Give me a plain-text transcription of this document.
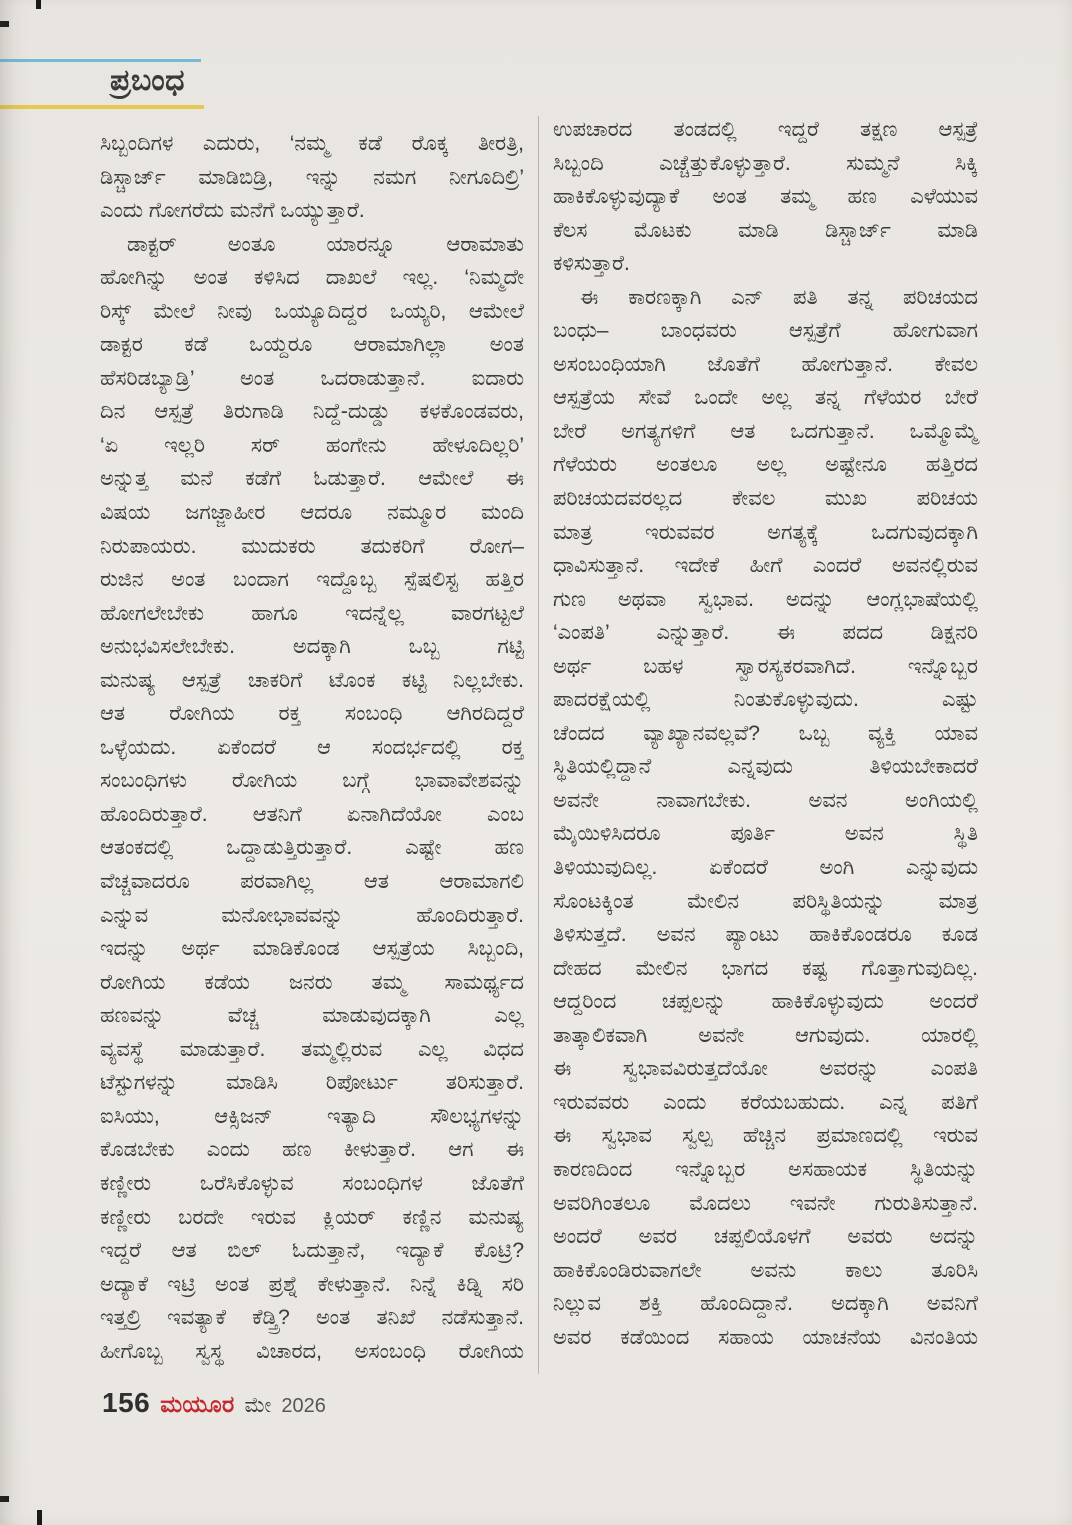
ಪ್ರಬಂಧ
ಸಿಬ್ಬಂದಿಗಳ ಎದುರು, ‘ನಮ್ಮ ಕಡೆ ರೊಕ್ಕ ತೀರತ್ರಿ,
ಡಿಸ್ಚಾರ್ಜ್ ಮಾಡಿಬಿಡ್ರಿ, ಇನ್ನು ನಮಗ ನೀಗೂದಿಲ್ರಿ’
ಎಂದು ಗೋಗರೆದು ಮನೆಗೆ ಒಯ್ಯುತ್ತಾರೆ.
ಡಾಕ್ಟರ್ ಅಂತೂ ಯಾರನ್ನೂ ಆರಾಮಾತು
ಹೋಗಿನ್ನು ಅಂತ ಕಳಿಸಿದ ದಾಖಲೆ ಇಲ್ಲ. ‘ನಿಮ್ಮದೇ
ರಿಸ್ಕ್ ಮೇಲೆ ನೀವು ಒಯ್ಯೂದಿದ್ದರ ಒಯ್ಯರಿ, ಆಮೇಲೆ
ಡಾಕ್ಟರ ಕಡೆ ಒಯ್ದರೂ ಆರಾಮಾಗಿಲ್ಲಾ ಅಂತ
ಹೆಸರಿಡಬ್ಯಾಡ್ರಿ’ ಅಂತ ಒದರಾಡುತ್ತಾನೆ. ಐದಾರು
ದಿನ ಆಸ್ಪತ್ರೆ ತಿರುಗಾಡಿ ನಿದ್ದೆ-ದುಡ್ಡು ಕಳಕೊಂಡವರು,
‘ಏ ಇಲ್ಲರಿ ಸರ್ ಹಂಗೇನು ಹೇಳೂದಿಲ್ಲರಿ’
ಅನ್ನುತ್ತ ಮನೆ ಕಡೆಗೆ ಓಡುತ್ತಾರೆ. ಆಮೇಲೆ ಈ
ವಿಷಯ ಜಗಜ್ಜಾಹೀರ ಆದರೂ ನಮ್ಮೂರ ಮಂದಿ
ನಿರುಪಾಯರು. ಮುದುಕರು ತದುಕರಿಗೆ ರೋಗ–
ರುಜಿನ ಅಂತ ಬಂದಾಗ ಇದ್ದೊಬ್ಬ ಸ್ಪೆಷಲಿಸ್ಟ ಹತ್ತಿರ
ಹೋಗಲೇಬೇಕು ಹಾಗೂ ಇದನ್ನೆಲ್ಲ ವಾರಗಟ್ಟಲೆ
ಅನುಭವಿಸಲೇಬೇಕು. ಅದಕ್ಕಾಗಿ ಒಬ್ಬ ಗಟ್ಟಿ
ಮನುಷ್ಯ ಆಸ್ಪತ್ರೆ ಚಾಕರಿಗೆ ಟೊಂಕ ಕಟ್ಟಿ ನಿಲ್ಲಬೇಕು.
ಆತ ರೋಗಿಯ ರಕ್ತ ಸಂಬಂಧಿ ಆಗಿರದಿದ್ದರೆ
ಒಳ್ಳೆಯದು. ಏಕೆಂದರೆ ಆ ಸಂದರ್ಭದಲ್ಲಿ ರಕ್ತ
ಸಂಬಂಧಿಗಳು ರೋಗಿಯ ಬಗ್ಗೆ ಭಾವಾವೇಶವನ್ನು
ಹೊಂದಿರುತ್ತಾರೆ. ಆತನಿಗೆ ಏನಾಗಿದೆಯೋ ಎಂಬ
ಆತಂಕದಲ್ಲಿ ಒದ್ದಾಡುತ್ತಿರುತ್ತಾರೆ. ಎಷ್ಟೇ ಹಣ
ವೆಚ್ಚವಾದರೂ ಪರವಾಗಿಲ್ಲ ಆತ ಆರಾಮಾಗಲಿ
ಎನ್ನುವ ಮನೋಭಾವವನ್ನು ಹೊಂದಿರುತ್ತಾರೆ.
ಇದನ್ನು ಅರ್ಥ ಮಾಡಿಕೊಂಡ ಆಸ್ಪತ್ರೆಯ ಸಿಬ್ಬಂದಿ,
ರೋಗಿಯ ಕಡೆಯ ಜನರು ತಮ್ಮ ಸಾಮರ್ಥ್ಯದ
ಹಣವನ್ನು ವೆಚ್ಚ ಮಾಡುವುದಕ್ಕಾಗಿ ಎಲ್ಲ
ವ್ಯವಸ್ಥೆ ಮಾಡುತ್ತಾರೆ. ತಮ್ಮಲ್ಲಿರುವ ಎಲ್ಲ ವಿಧದ
ಟೆಸ್ಟುಗಳನ್ನು ಮಾಡಿಸಿ ರಿಪೋರ್ಟು ತರಿಸುತ್ತಾರೆ.
ಐಸಿಯು, ಆಕ್ಸಿಜನ್ ಇತ್ಯಾದಿ ಸೌಲಭ್ಯಗಳನ್ನು
ಕೊಡಬೇಕು ಎಂದು ಹಣ ಕೀಳುತ್ತಾರೆ. ಆಗ ಈ
ಕಣ್ಣೀರು ಒರೆಸಿಕೊಳ್ಳುವ ಸಂಬಂಧಿಗಳ ಜೊತೆಗೆ
ಕಣ್ಣೀರು ಬರದೇ ಇರುವ ಕ್ಲಿಯರ್ ಕಣ್ಣಿನ ಮನುಷ್ಯ
ಇದ್ದರೆ ಆತ ಬಿಲ್ ಓದುತ್ತಾನೆ, ಇದ್ಯಾಕೆ ಕೊಟ್ರಿ?
ಅದ್ಯಾಕೆ ಇಟ್ರಿ ಅಂತ ಪ್ರಶ್ನೆ ಕೇಳುತ್ತಾನೆ. ನಿನ್ನೆ ಕಿಡ್ನಿ ಸರಿ
ಇತ್ತಲ್ರಿ ಇವತ್ಯಾಕೆ ಕೆಡ್ತ್ರಿ? ಅಂತ ತನಿಖೆ ನಡೆಸುತ್ತಾನೆ.
ಹೀಗೊಬ್ಬ ಸ್ವಸ್ಥ ವಿಚಾರದ, ಅಸಂಬಂಧಿ ರೋಗಿಯ
ಉಪಚಾರದ ತಂಡದಲ್ಲಿ ಇದ್ದರೆ ತಕ್ಷಣ ಆಸ್ಪತ್ರೆ
ಸಿಬ್ಬಂದಿ ಎಚ್ಚೆತ್ತುಕೊಳ್ಳುತ್ತಾರೆ. ಸುಮ್ಮನೆ ಸಿಕ್ಕಿ
ಹಾಕಿಕೊಳ್ಳುವುದ್ಯಾಕೆ ಅಂತ ತಮ್ಮ ಹಣ ಎಳೆಯುವ
ಕೆಲಸ ಮೊಟಕು ಮಾಡಿ ಡಿಸ್ಚಾರ್ಜ್ ಮಾಡಿ
ಕಳಿಸುತ್ತಾರೆ.
ಈ ಕಾರಣಕ್ಕಾಗಿ ಎನ್ ಪತಿ ತನ್ನ ಪರಿಚಯದ
ಬಂಧು– ಬಾಂಧವರು ಆಸ್ಪತ್ರೆಗೆ ಹೋಗುವಾಗ
ಅಸಂಬಂಧಿಯಾಗಿ ಜೊತೆಗೆ ಹೋಗುತ್ತಾನೆ. ಕೇವಲ
ಆಸ್ಪತ್ರೆಯ ಸೇವೆ ಒಂದೇ ಅಲ್ಲ ತನ್ನ ಗೆಳೆಯರ ಬೇರೆ
ಬೇರೆ ಅಗತ್ಯಗಳಿಗೆ ಆತ ಒದಗುತ್ತಾನೆ. ಒಮ್ಮೊಮ್ಮೆ
ಗೆಳೆಯರು ಅಂತಲೂ ಅಲ್ಲ ಅಷ್ಟೇನೂ ಹತ್ತಿರದ
ಪರಿಚಯದವರಲ್ಲದ ಕೇವಲ ಮುಖ ಪರಿಚಯ
ಮಾತ್ರ ಇರುವವರ ಅಗತ್ಯಕ್ಕೆ ಒದಗುವುದಕ್ಕಾಗಿ
ಧಾವಿಸುತ್ತಾನೆ. ಇದೇಕೆ ಹೀಗೆ ಎಂದರೆ ಅವನಲ್ಲಿರುವ
ಗುಣ ಅಥವಾ ಸ್ವಭಾವ. ಅದನ್ನು ಆಂಗ್ಲಭಾಷೆಯಲ್ಲಿ
‘ಎಂಪತಿ’ ಎನ್ನುತ್ತಾರೆ. ಈ ಪದದ ಡಿಕ್ಷನರಿ
ಅರ್ಥ ಬಹಳ ಸ್ವಾರಸ್ಯಕರವಾಗಿದೆ. ಇನ್ನೊಬ್ಬರ
ಪಾದರಕ್ಷೆಯಲ್ಲಿ ನಿಂತುಕೊಳ್ಳುವುದು. ಎಷ್ಟು
ಚೆಂದದ ವ್ಯಾಖ್ಯಾನವಲ್ಲವೆ? ಒಬ್ಬ ವ್ಯಕ್ತಿ ಯಾವ
ಸ್ಥಿತಿಯಲ್ಲಿದ್ದಾನೆ ಎನ್ನವುದು ತಿಳಿಯಬೇಕಾದರೆ
ಅವನೇ ನಾವಾಗಬೇಕು. ಅವನ ಅಂಗಿಯಲ್ಲಿ
ಮೈಯಿಳಿಸಿದರೂ ಪೂರ್ತಿ ಅವನ ಸ್ಥಿತಿ
ತಿಳಿಯುವುದಿಲ್ಲ. ಏಕೆಂದರೆ ಅಂಗಿ ಎನ್ನುವುದು
ಸೊಂಟಕ್ಕಿಂತ ಮೇಲಿನ ಪರಿಸ್ಥಿತಿಯನ್ನು ಮಾತ್ರ
ತಿಳಿಸುತ್ತದೆ. ಅವನ ಪ್ಯಾಂಟು ಹಾಕಿಕೊಂಡರೂ ಕೂಡ
ದೇಹದ ಮೇಲಿನ ಭಾಗದ ಕಷ್ಟ ಗೊತ್ತಾಗುವುದಿಲ್ಲ.
ಆದ್ದರಿಂದ ಚಪ್ಪಲನ್ನು ಹಾಕಿಕೊಳ್ಳುವುದು ಅಂದರೆ
ತಾತ್ಕಾಲಿಕವಾಗಿ ಅವನೇ ಆಗುವುದು. ಯಾರಲ್ಲಿ
ಈ ಸ್ವಭಾವವಿರುತ್ತದೆಯೋ ಅವರನ್ನು ಎಂಪತಿ
ಇರುವವರು ಎಂದು ಕರೆಯಬಹುದು. ಎನ್ನ ಪತಿಗೆ
ಈ ಸ್ವಭಾವ ಸ್ವಲ್ಪ ಹೆಚ್ಚಿನ ಪ್ರಮಾಣದಲ್ಲಿ ಇರುವ
ಕಾರಣದಿಂದ ಇನ್ನೊಬ್ಬರ ಅಸಹಾಯಕ ಸ್ಥಿತಿಯನ್ನು
ಅವರಿಗಿಂತಲೂ ಮೊದಲು ಇವನೇ ಗುರುತಿಸುತ್ತಾನೆ.
ಅಂದರೆ ಅವರ ಚಪ್ಪಲಿಯೊಳಗೆ ಅವರು ಅದನ್ನು
ಹಾಕಿಕೊಂಡಿರುವಾಗಲೇ ಅವನು ಕಾಲು ತೂರಿಸಿ
ನಿಲ್ಲುವ ಶಕ್ತಿ ಹೊಂದಿದ್ದಾನೆ. ಅದಕ್ಕಾಗಿ ಅವನಿಗೆ
ಅವರ ಕಡೆಯಿಂದ ಸಹಾಯ ಯಾಚನೆಯ ವಿನಂತಿಯ
156 ಮಯೂರ ಮೇ 2026
